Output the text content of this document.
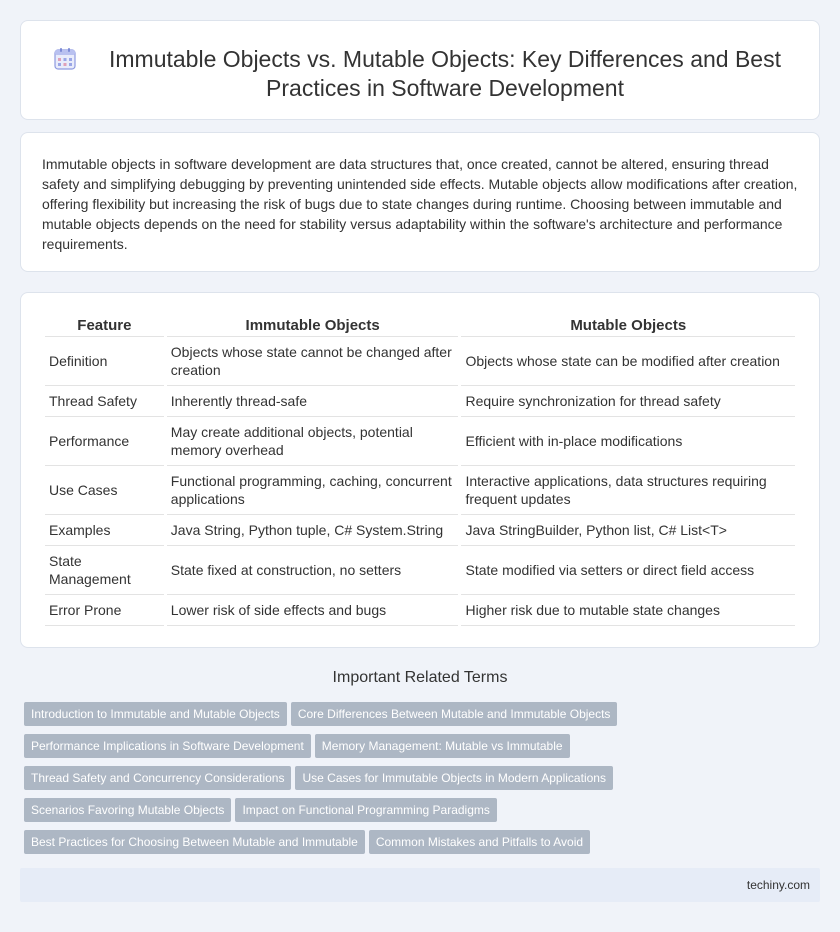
Immutable Objects vs. Mutable Objects: Key Differences and Best Practices in Software Development

Immutable objects in software development are data structures that, once created, cannot be altered, ensuring thread safety and simplifying debugging by preventing unintended side effects. Mutable objects allow modifications after creation, offering flexibility but increasing the risk of bugs due to state changes during runtime. Choosing between immutable and mutable objects depends on the need for stability versus adaptability within the software's architecture and performance requirements.

Feature	Immutable Objects	Mutable Objects
Definition	Objects whose state cannot be changed after creation	Objects whose state can be modified after creation
Thread Safety	Inherently thread-safe	Require synchronization for thread safety
Performance	May create additional objects, potential memory overhead	Efficient with in-place modifications
Use Cases	Functional programming, caching, concurrent applications	Interactive applications, data structures requiring frequent updates
Examples	Java String, Python tuple, C# System.String	Java StringBuilder, Python list, C# List<T>
State Management	State fixed at construction, no setters	State modified via setters or direct field access
Error Prone	Lower risk of side effects and bugs	Higher risk due to mutable state changes
Important Related Terms
Introduction to Immutable and Mutable Objects Core Differences Between Mutable and Immutable Objects
Performance Implications in Software Development Memory Management: Mutable vs Immutable
Thread Safety and Concurrency Considerations Use Cases for Immutable Objects in Modern Applications
Scenarios Favoring Mutable Objects Impact on Functional Programming Paradigms
Best Practices for Choosing Between Mutable and Immutable Common Mistakes and Pitfalls to Avoid
techiny.com
